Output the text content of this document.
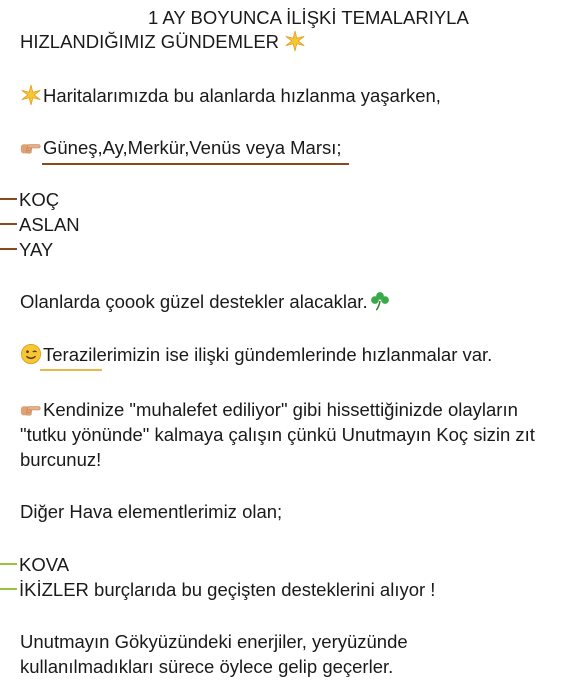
1 AY BOYUNCA İLİŞKİ TEMALARIYLA
HIZLANDIĞIMIZ GÜNDEMLER
Haritalarımızda bu alanlarda hızlanma yaşarken,
Güneş,Ay,Merkür,Venüs veya Marsı;
KOÇ
ASLAN
YAY
Olanlarda çoook güzel destekler alacaklar.
Terazilerimizin ise ilişki gündemlerinde hızlanmalar var.
Kendinize "muhalefet ediliyor" gibi hissettiğinizde olayların
"tutku yönünde" kalmaya çalışın çünkü Unutmayın Koç sizin zıt
burcunuz!
Diğer Hava elementlerimiz olan;
KOVA
İKİZLER burçlarıda bu geçişten desteklerini alıyor !
Unutmayın Gökyüzündeki enerjiler, yeryüzünde
kullanılmadıkları sürece öylece gelip geçerler.
